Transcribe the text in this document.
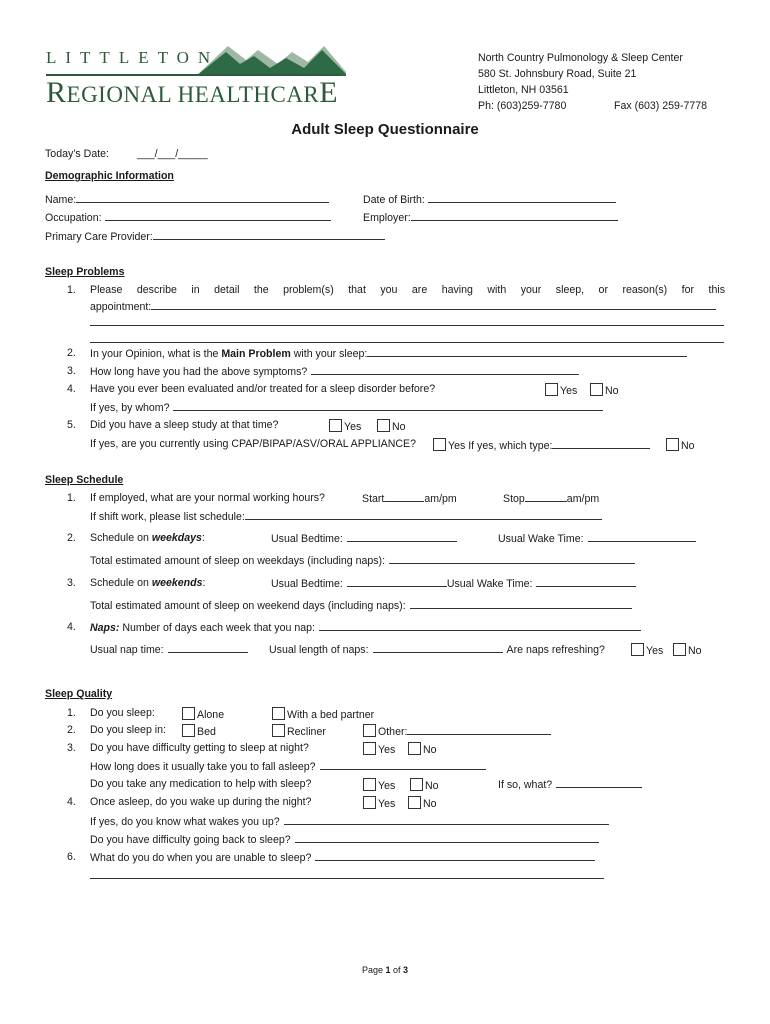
LITTLETON
REGIONAL HEALTHCARE
North Country Pulmonology & Sleep Center
580 St. Johnsbury Road, Suite 21
Littleton, NH 03561
Ph: (603)259-7780	Fax (603) 259-7778
Adult Sleep Questionnaire
Today’s Date:	___/___/_____
Demographic Information
Name:	Date of Birth:
Occupation:	Employer:
Primary Care Provider:
Sleep Problems
1. Please describe in detail the problem(s) that you are having with your sleep, or reason(s) for this
appointment:
2. In your Opinion, what is the Main Problem with your sleep:
3. How long have you had the above symptoms?
4. Have you ever been evaluated and/or treated for a sleep disorder before?	Yes	No
If yes, by whom?
5. Did you have a sleep study at that time?	Yes	No
If yes, are you currently using CPAP/BIPAP/ASV/ORAL APPLIANCE?	Yes If yes, which type:	No
Sleep Schedule
1. If employed, what are your normal working hours?	Start	am/pm	Stop	am/pm
If shift work, please list schedule:
2. Schedule on weekdays:	Usual Bedtime:	Usual Wake Time:
Total estimated amount of sleep on weekdays (including naps):
3. Schedule on weekends:	Usual Bedtime:	Usual Wake Time:
Total estimated amount of sleep on weekend days (including naps):
4. Naps: Number of days each week that you nap:
Usual nap time:	Usual length of naps:	Are naps refreshing?	Yes	No
Sleep Quality
1. Do you sleep:	Alone	With a bed partner
2. Do you sleep in:	Bed	Recliner	Other:
3. Do you have difficulty getting to sleep at night?	Yes	No
How long does it usually take you to fall asleep?
Do you take any medication to help with sleep?	Yes	No	If so, what?
4. Once asleep, do you wake up during the night?	Yes	No
If yes, do you know what wakes you up?
Do you have difficulty going back to sleep?
6. What do you do when you are unable to sleep?
Page 1 of 3
